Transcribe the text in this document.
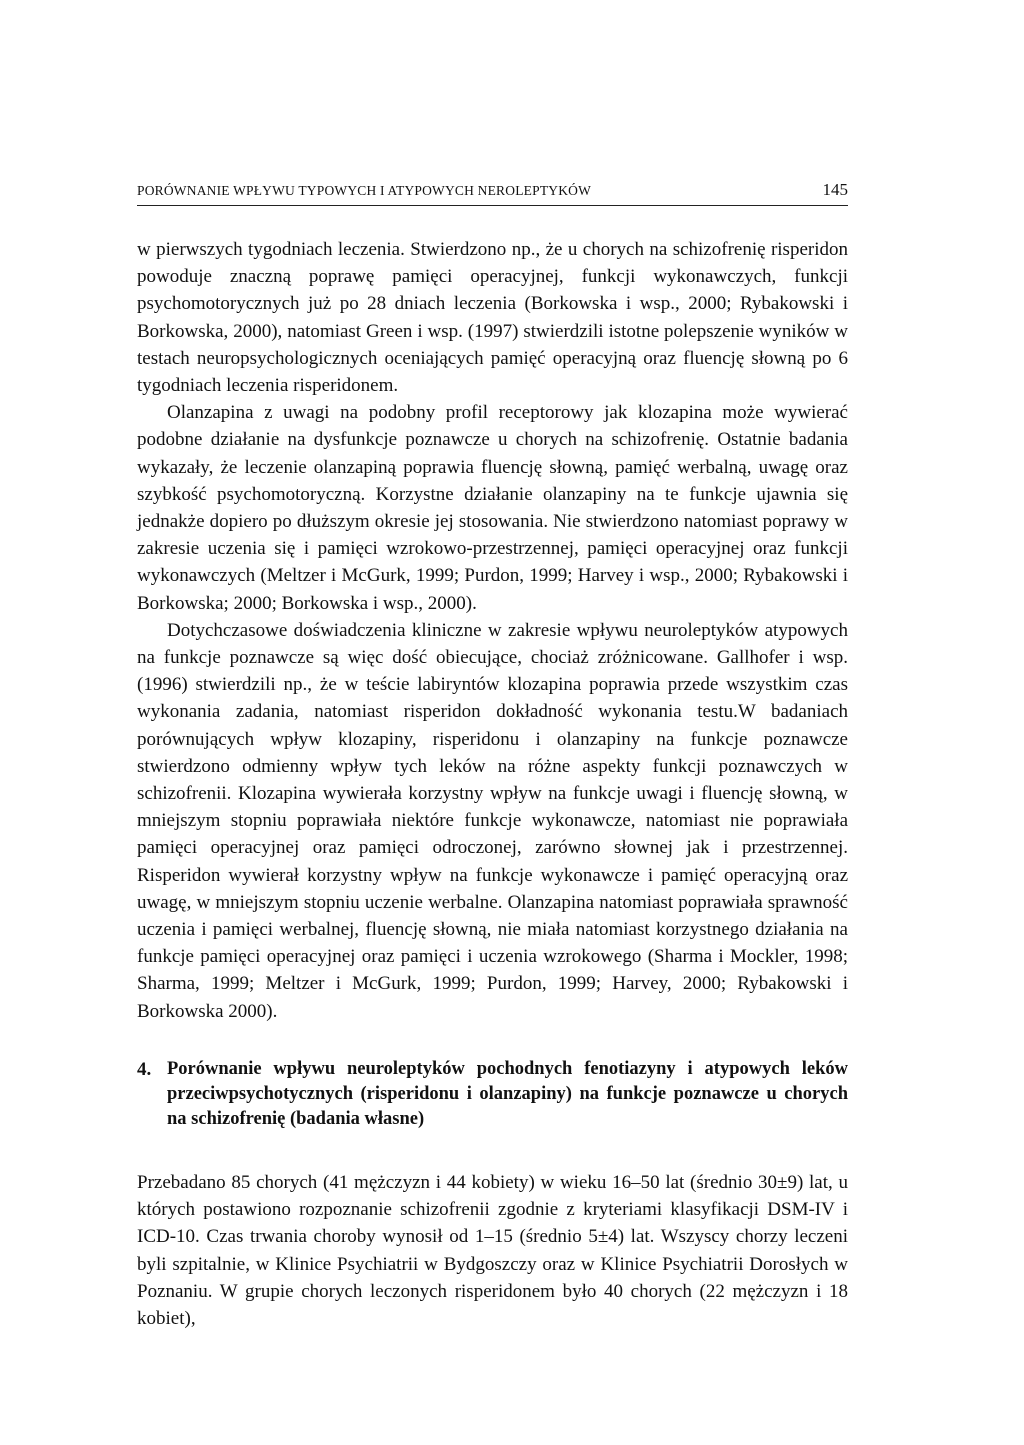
PORÓWNANIE WPŁYWU TYPOWYCH I ATYPOWYCH NEROLEPTYKÓW	145

w pierwszych tygodniach leczenia. Stwierdzono np., że u chorych na schizofrenię risperidon powoduje znaczną poprawę pamięci operacyjnej, funkcji wykonawczych, funkcji psychomotorycznych już po 28 dniach leczenia (Borkowska i wsp., 2000; Rybakowski i Borkowska, 2000), natomiast Green i wsp. (1997) stwierdzili istotne polepszenie wyników w testach neuropsychologicznych oceniających pamięć operacyjną oraz fluencję słowną po 6 tygodniach leczenia risperidonem.

Olanzapina z uwagi na podobny profil receptorowy jak klozapina może wywierać podobne działanie na dysfunkcje poznawcze u chorych na schizofrenię. Ostatnie badania wykazały, że leczenie olanzapiną poprawia fluencję słowną, pamięć werbalną, uwagę oraz szybkość psychomotoryczną. Korzystne działanie olanzapiny na te funkcje ujawnia się jednakże dopiero po dłuższym okresie jej stosowania. Nie stwierdzono natomiast poprawy w zakresie uczenia się i pamięci wzrokowo-przestrzennej, pamięci operacyjnej oraz funkcji wykonawczych (Meltzer i McGurk, 1999; Purdon, 1999; Harvey i wsp., 2000; Rybakowski i Borkowska; 2000; Borkowska i wsp., 2000).

Dotychczasowe doświadczenia kliniczne w zakresie wpływu neuroleptyków atypowych na funkcje poznawcze są więc dość obiecujące, chociaż zróżnicowane. Gallhofer i wsp. (1996) stwierdzili np., że w teście labiryntów klozapina poprawia przede wszystkim czas wykonania zadania, natomiast risperidon dokładność wykonania testu.W badaniach porównujących wpływ klozapiny, risperidonu i olanzapiny na funkcje poznawcze stwierdzono odmienny wpływ tych leków na różne aspekty funkcji poznawczych w schizofrenii. Klozapina wywierała korzystny wpływ na funkcje uwagi i fluencję słowną, w mniejszym stopniu poprawiała niektóre funkcje wykonawcze, natomiast nie poprawiała pamięci operacyjnej oraz pamięci odroczonej, zarówno słownej jak i przestrzennej. Risperidon wywierał korzystny wpływ na funkcje wykonawcze i pamięć operacyjną oraz uwagę, w mniejszym stopniu uczenie werbalne. Olanzapina natomiast poprawiała sprawność uczenia i pamięci werbalnej, fluencję słowną, nie miała natomiast korzystnego działania na funkcje pamięci operacyjnej oraz pamięci i uczenia wzrokowego (Sharma i Mockler, 1998; Sharma, 1999; Meltzer i McGurk, 1999; Purdon, 1999; Harvey, 2000; Rybakowski i Borkowska 2000).

4. Porównanie wpływu neuroleptyków pochodnych fenotiazyny i atypowych leków przeciwpsychotycznych (risperidonu i olanzapiny) na funkcje poznawcze u chorych na schizofrenię (badania własne)

Przebadano 85 chorych (41 mężczyzn i 44 kobiety) w wieku 16–50 lat (średnio 30±9) lat, u których postawiono rozpoznanie schizofrenii zgodnie z kryteriami klasyfikacji DSM-IV i ICD-10. Czas trwania choroby wynosił od 1–15 (średnio 5±4) lat. Wszyscy chorzy leczeni byli szpitalnie, w Klinice Psychiatrii w Bydgoszczy oraz w Klinice Psychiatrii Dorosłych w Poznaniu. W grupie chorych leczonych risperidonem było 40 chorych (22 mężczyzn i 18 kobiet),
